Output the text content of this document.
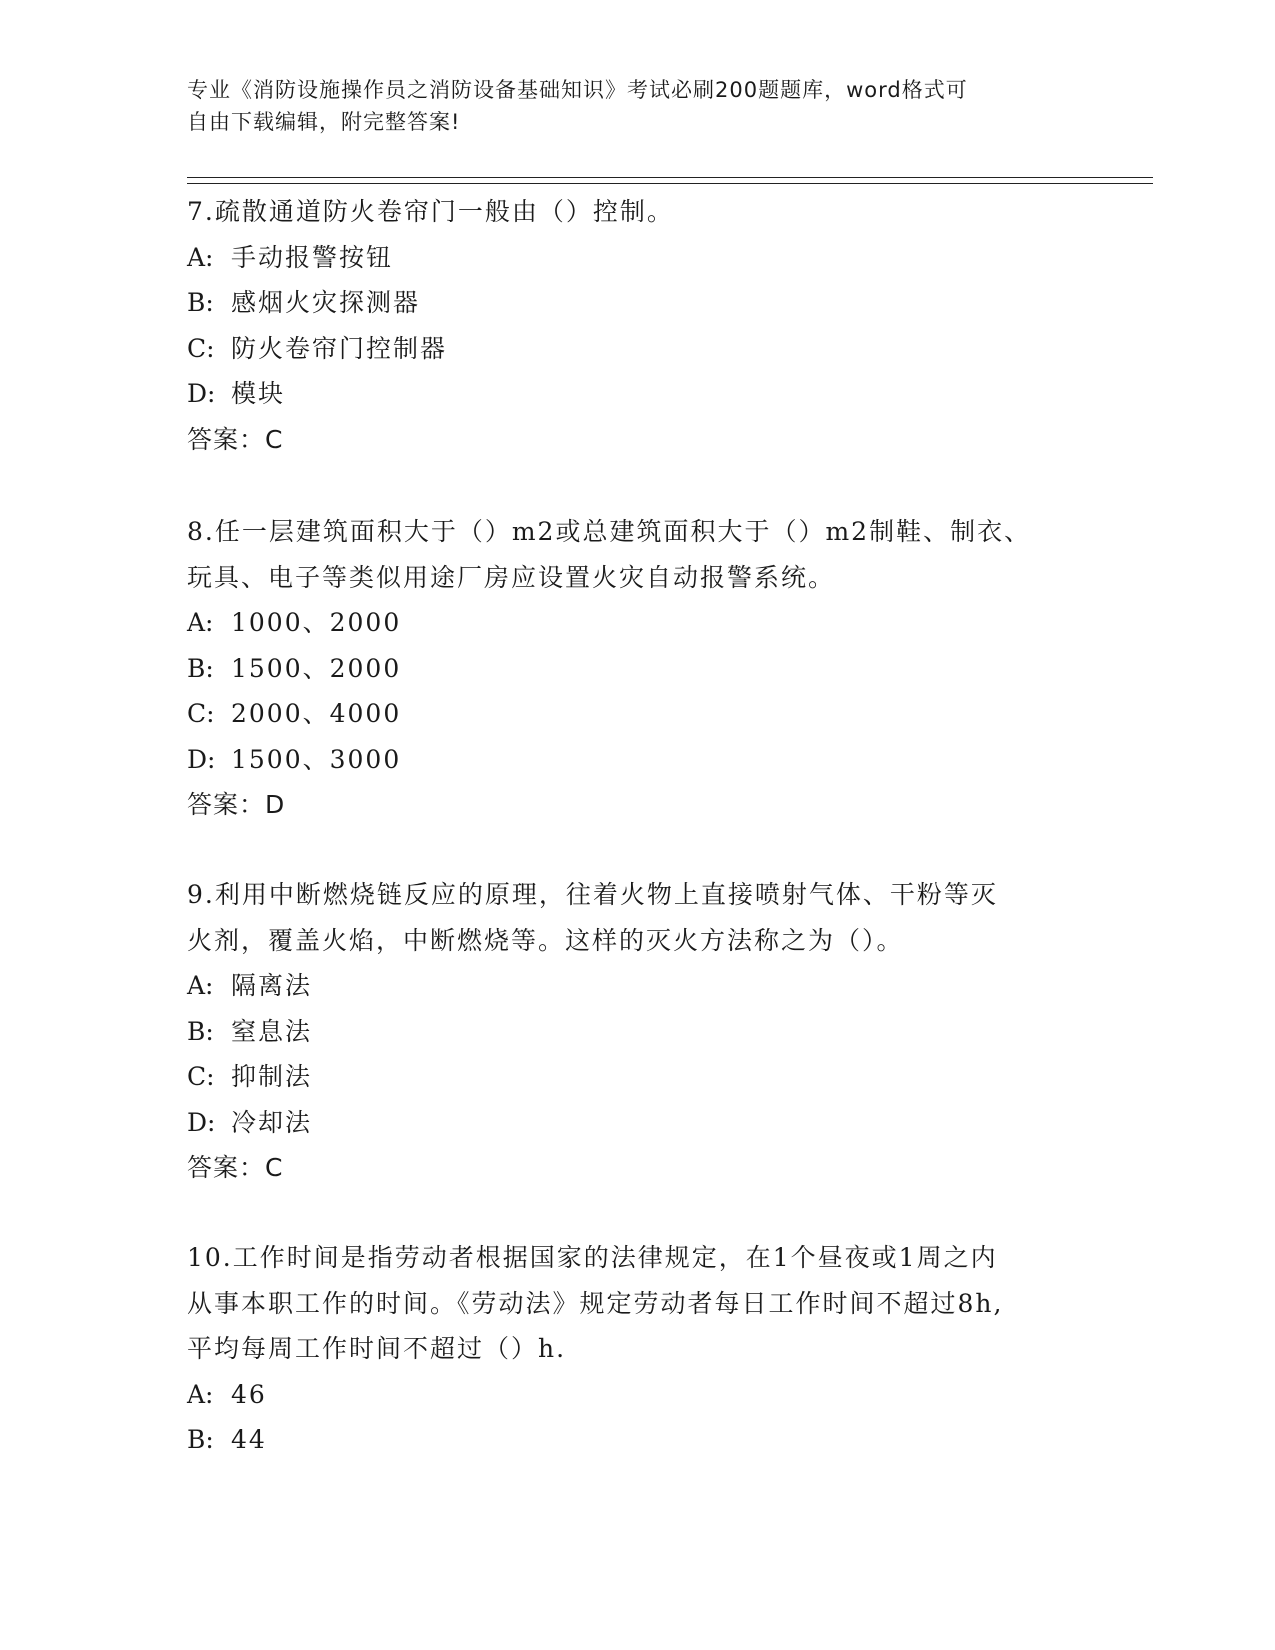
专业《消防设施操作员之消防设备基础知识》考试必刷200题题库，word格式可
自由下载编辑，附完整答案!

7.疏散通道防火卷帘门一般由（）控制。

A: 手动报警按钮

B: 感烟火灾探测器

C: 防火卷帘门控制器

D: 模块

答案：C

8.任一层建筑面积大于（）m2或总建筑面积大于（）m2制鞋、制衣、

玩具、电子等类似用途厂房应设置火灾自动报警系统。

A: 1000、2000

B: 1500、2000

C: 2000、4000

D: 1500、3000

答案：D

9.利用中断燃烧链反应的原理，往着火物上直接喷射气体、干粉等灭

火剂，覆盖火焰，中断燃烧等。这样的灭火方法称之为（）。

A: 隔离法

B: 窒息法

C: 抑制法

D: 冷却法

答案：C

10.工作时间是指劳动者根据国家的法律规定，在1个昼夜或1周之内

从事本职工作的时间。《劳动法》规定劳动者每日工作时间不超过8h,

平均每周工作时间不超过（）h.

A: 46

B: 44
